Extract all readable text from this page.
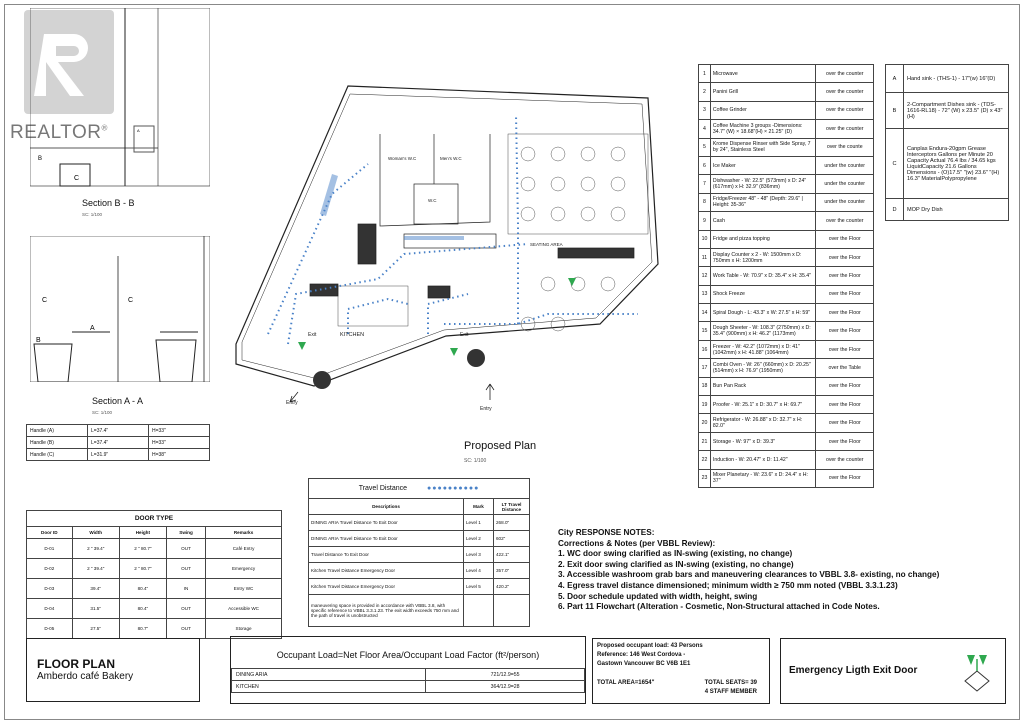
REALTOR®
B
C
A
Section B - B
SC: 1/100
C
A
B
C
Section A - A
SC: 1/100
Handle (A)	L=37.4"	H=33"
Handle (B)	L=37.4"	H=33"
Handle (C)	L=31.9"	H=38"
DOOR TYPE				
Door ID	Width	Height	Swing	Remarks
D-01	2 " 39.4"	2 " 80.7"	OUT	Café Entry
D-02	2 " 39.4"	2 " 80.7"	OUT	Emergency
D-03	39.4"	80.4"	IN	Entry WC
D-04	31.5"	80.4"	OUT	Accessible WC
D-05	27.5"	80.7"	OUT	Storage
Woman's W.C	Men's W.C
W.C
KITCHEN
SEATING AREA
Exit	Exit
Entry
Entry
Proposed Plan
SC: 1/100
Travel Distance ●●●●●●●●●●		
Descriptions	Mark	LT Travel Distance
DINING ARIA Travel Distance To Exit Door	Level 1	268.0"
DINING ARIA Travel Distance To Exit Door	Level 2	602"
Travel Distance To Exit Door	Level 3	422.1"
Kitchen Travel Distance Emergency Door	Level 4	357.0"
Kitchen Travel Distance Emergency Door	Level 5	420.2"
maneuvering space is provided in accordance with VBBL 3.8, with specific reference to VBBL 3.3.1.23. The exit width exceeds 750 mm and the path of travel is unobstructed		
1	Microwave	over the counter
2	Panini Grill	over the counter
3	Coffee Grinder	over the counter
4	Coffee Machine 3 groups -Dimensions: 34.7" (W) × 18.68"(H) × 21.25" (D)	over the counter
5	Krome Dispense Rinser with Side Spray, 7 by 24", Stainless Steel	over the counte
6	Ice Maker	under the counter
7	Dishwasher - W: 22.5" (573mm) x D: 24" (617mm) x H: 32.9" (836mm)	under the counter
8	Fridge/Freezer 48" - 48" (Depth: 29.6" | Height: 35-36"	under the counter
9	Cash	over the counter
10	Fridge and pizza topping	over the Floor
11	Display Counter x 2 - W: 1500mm x D: 750mm x H: 1200mm	over the Floor
12	Work Table - W: 70.9" x D: 35.4" x H: 35.4"	over the Floor
13	Shock Freeze	over the Floor
14	Spiral Dough - L: 43.3" x W: 27.5" x H: 59"	over the Floor
15	Dough Sheeter - W: 108.3" (2750mm) x D: 35.4" (900mm) x H: 46.2" (1173mm)	over the Floor
16	Freezer - W: 42.2" (1072mm) x D: 41" (1042mm) x H: 41.88" (1064mm)	over the Floor
17	Combi Oven - W: 26" (660mm) x D: 20.25" (514mm) x H: 76.9" (1950mm)	over the Table
18	Bun Pan Rack	over the Floor
19	Proofer - W: 25.1" x D: 30.7" x H: 69.7"	over the Floor
20	Refrigerator - W: 26.88" x D: 32.7" x H: 82.0"	over the Floor
21	Storage - W: 97" x D: 39.3"	over the Floor
22	Induction - W: 20.47" x D: 11.42"	over the counter
23	Mixer Planetary - W: 23.6" x D: 24.4" x H: 37"	over the Floor
A	Hand sink - (THS-1) - 17"(w) 16"(D)
B	2-Compartment Dishes sink - (TDS-1616-RL18) - 72" (W) x 23.5" (D) x 43" (H)
C	Canplas Endura-20gpm Grease Interceptors Gallons per Minute 20 Capacity Actual 76.4 lbs / 34.65 kgs LiquidCapacity 21.6 Gallons Dimensions - (O)17.5" "(w) 23.6" "(H) 16.3" MaterialPolypropylene
D	MOP Dry Dish
City RESPONSE NOTES:
Corrections & Notes (per VBBL Review):
1. WC door swing clarified as IN-swing (existing, no change)
2. Exit door swing clarified as IN-swing (existing, no change)
3. Accessible washroom grab bars and maneuvering clearances to VBBL 3.8- existing, no change)
4. Egress travel distance dimensioned; minimum width ≥ 750 mm noted (VBBL 3.3.1.23)
5. Door schedule updated with width, height, swing
6. Part 11 Flowchart (Alteration - Cosmetic, Non-Structural attached in Code Notes.
FLOOR PLAN
Amberdo café Bakery
Occupant Load=Net Floor Area/Occupant Load Factor (ft²/person)
DINING ARIA	721/12.9=55
KITCHEN	364/12.9=28
Proposed occupant load: 43 Persons
Reference: 146 West Cordova -
Gastown Vancouver BC V6B 1E1
TOTAL AREA=1654"	TOTAL SEATS= 39
4 STAFF MEMBER
Emergency Ligth Exit Door
